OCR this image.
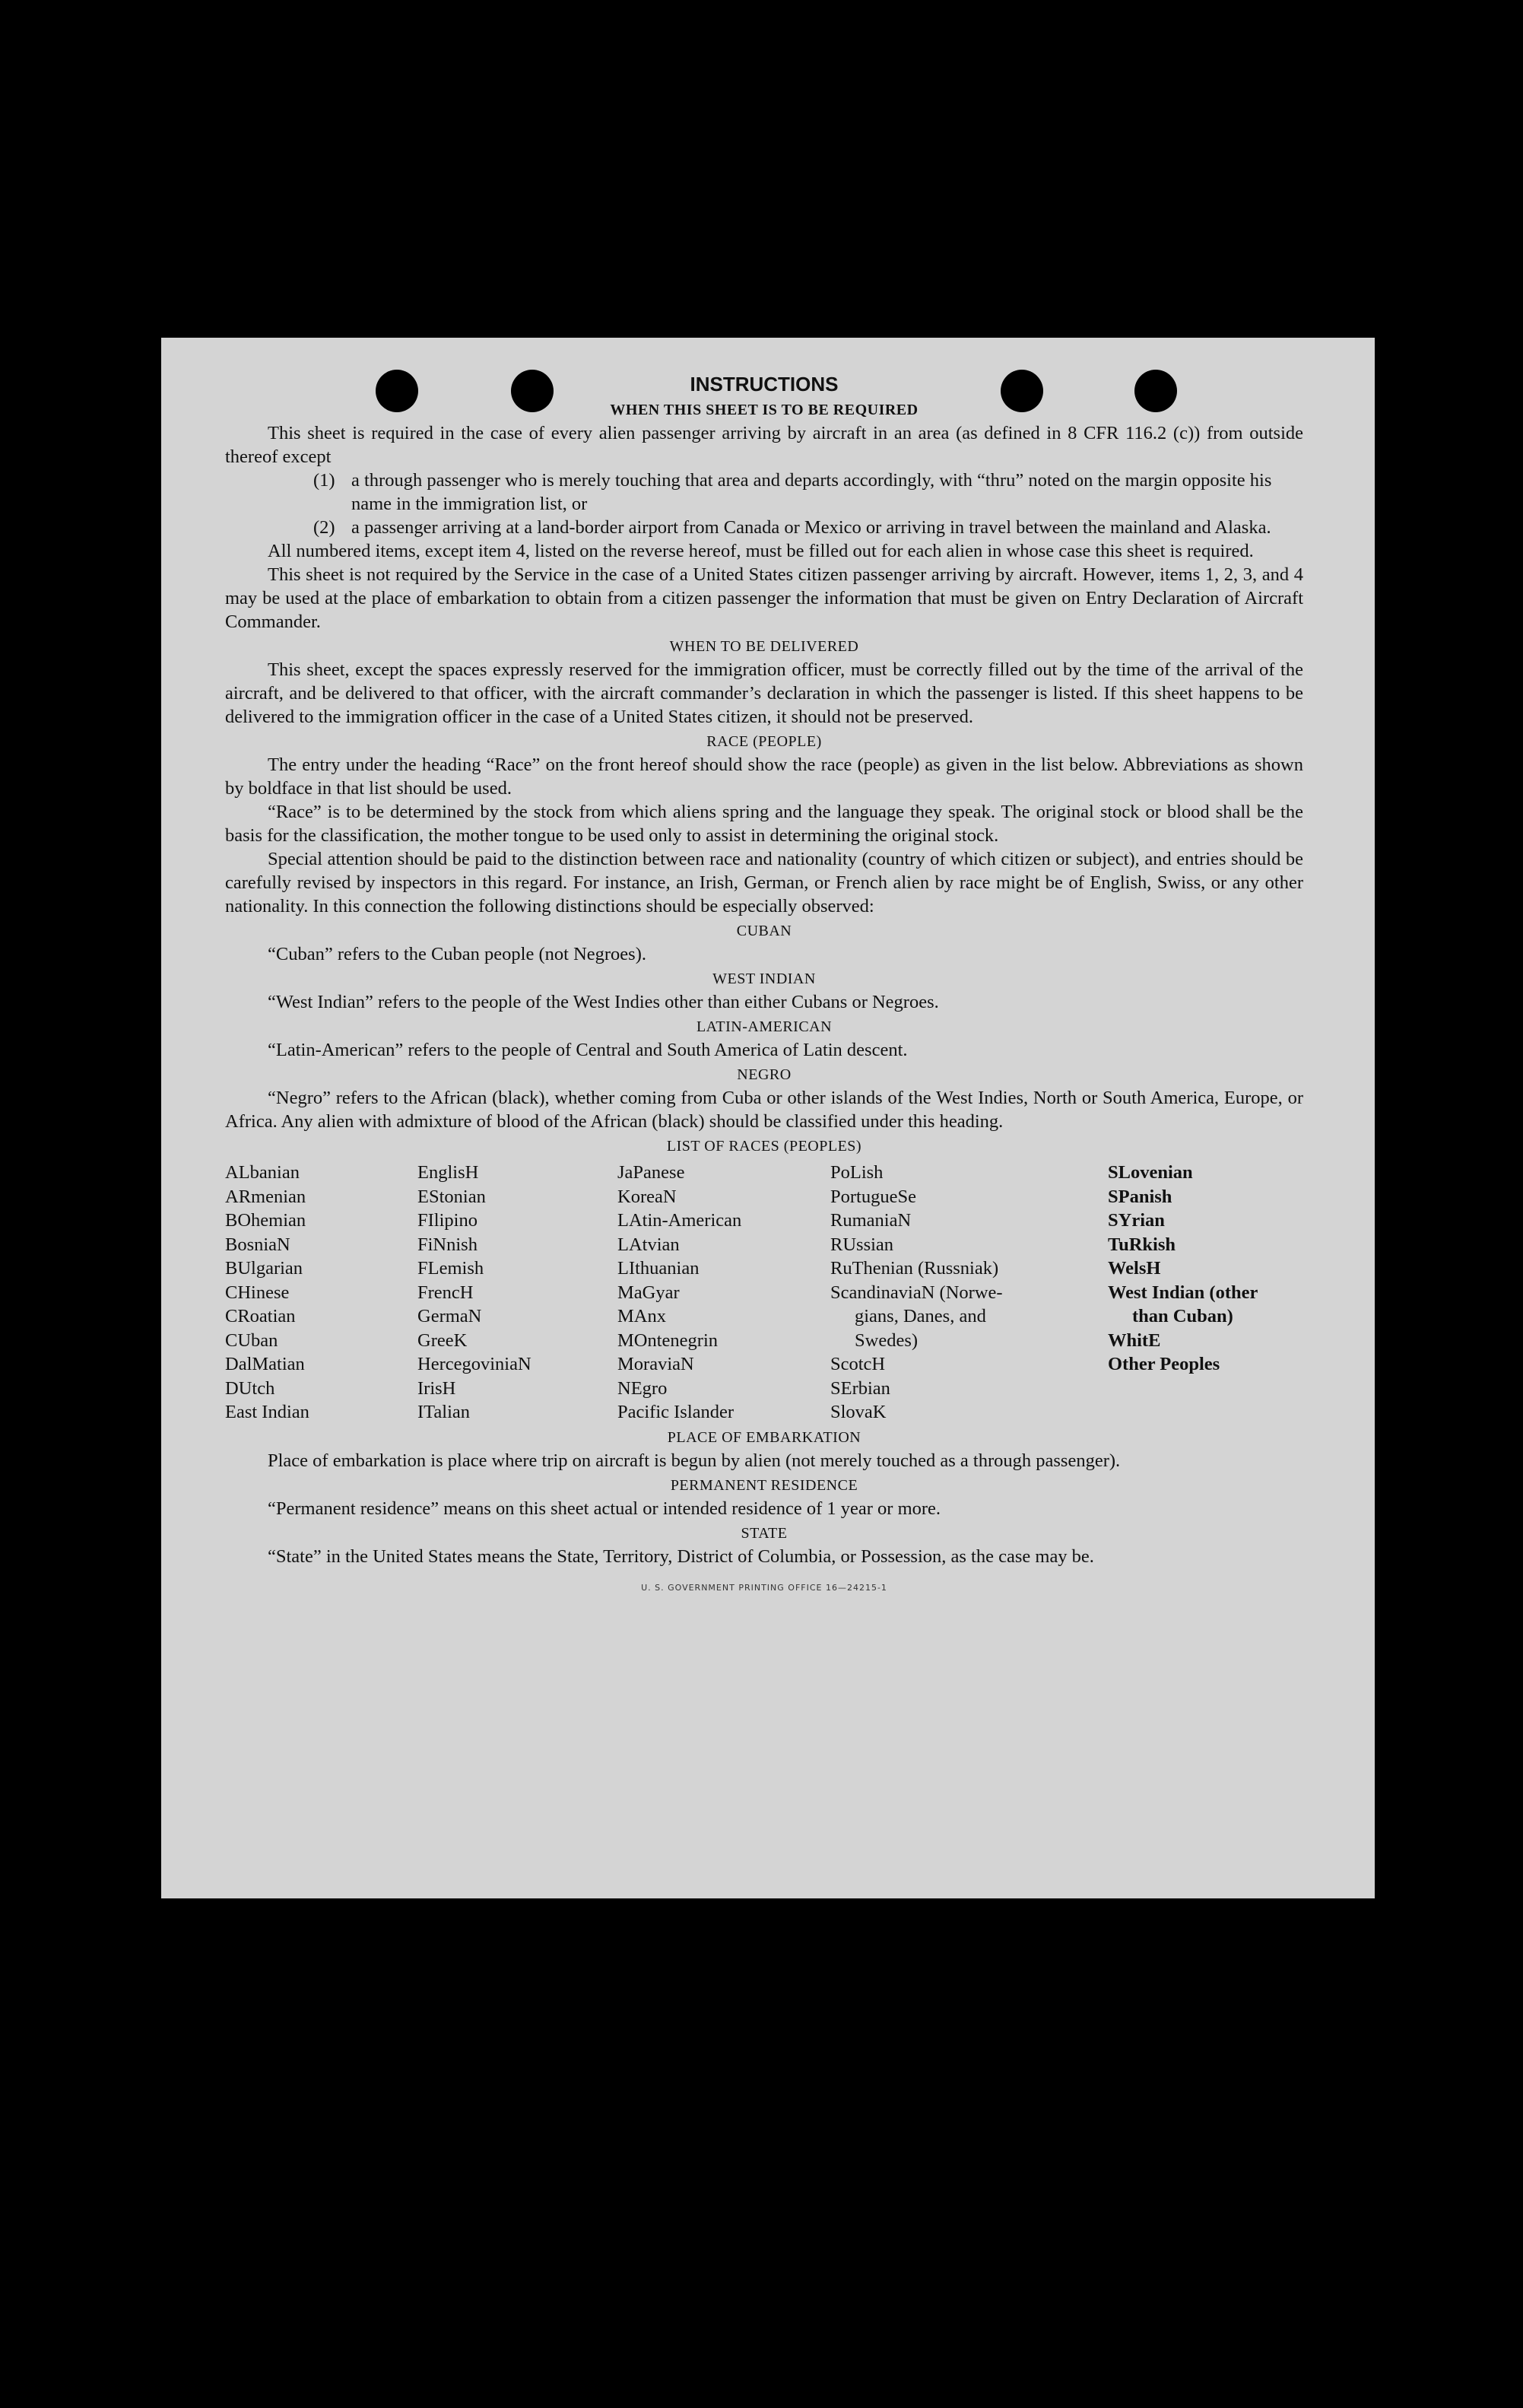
INSTRUCTIONS
WHEN THIS SHEET IS TO BE REQUIRED

This sheet is required in the case of every alien passenger arriving by aircraft in an area (as defined in 8 CFR 116.2 (c)) from outside thereof except

(1) a through passenger who is merely touching that area and departs accordingly, with “thru” noted on the margin opposite his name in the immigration list, or
(2) a passenger arriving at a land-border airport from Canada or Mexico or arriving in travel between the mainland and Alaska.

All numbered items, except item 4, listed on the reverse hereof, must be filled out for each alien in whose case this sheet is required.

This sheet is not required by the Service in the case of a United States citizen passenger arriving by aircraft. However, items 1, 2, 3, and 4 may be used at the place of embarkation to obtain from a citizen passenger the information that must be given on Entry Declaration of Aircraft Commander.

WHEN TO BE DELIVERED

This sheet, except the spaces expressly reserved for the immigration officer, must be correctly filled out by the time of the arrival of the aircraft, and be delivered to that officer, with the aircraft commander’s declaration in which the passenger is listed. If this sheet happens to be delivered to the immigration officer in the case of a United States citizen, it should not be preserved.

RACE (PEOPLE)

The entry under the heading “Race” on the front hereof should show the race (people) as given in the list below. Abbreviations as shown by boldface in that list should be used.

“Race” is to be determined by the stock from which aliens spring and the language they speak. The original stock or blood shall be the basis for the classification, the mother tongue to be used only to assist in determining the original stock.

Special attention should be paid to the distinction between race and nationality (country of which citizen or subject), and entries should be carefully revised by inspectors in this regard. For instance, an Irish, German, or French alien by race might be of English, Swiss, or any other nationality. In this connection the following distinctions should be especially observed:

CUBAN

“Cuban” refers to the Cuban people (not Negroes).

WEST INDIAN

“West Indian” refers to the people of the West Indies other than either Cubans or Negroes.

LATIN-AMERICAN

“Latin-American” refers to the people of Central and South America of Latin descent.

NEGRO

“Negro” refers to the African (black), whether coming from Cuba or other islands of the West Indies, North or South America, Europe, or Africa. Any alien with admixture of blood of the African (black) should be classified under this heading.

LIST OF RACES (PEOPLES)
ALbanian
ARmenian
BOhemian
BosniaN
BUlgarian
CHinese
CRoatian
CUban
DalMatian
DUtch
East Indian
EnglisH
EStonian
FIlipino
FiNnish
FLemish
FrencH
GermaN
GreeK
HercegoviniaN
IrisH
ITalian
JaPanese
KoreaN
LAtin-American
LAtvian
LIthuanian
MaGyar
MAnx
MOntenegrin
MoraviaN
NEgro
Pacific Islander
PoLish
PortugueSe
RumaniaN
RUssian
RuThenian (Russniak)
ScandinaviaN (Norwe-
gians, Danes, and
Swedes)
ScotcH
SErbian
SlovaK
SLovenian
SPanish
SYrian
TuRkish
WelsH
West Indian (other
than Cuban)
WhitE
Other Peoples
PLACE OF EMBARKATION

Place of embarkation is place where trip on aircraft is begun by alien (not merely touched as a through passenger).

PERMANENT RESIDENCE

“Permanent residence” means on this sheet actual or intended residence of 1 year or more.

STATE

“State” in the United States means the State, Territory, District of Columbia, or Possession, as the case may be.

U. S. GOVERNMENT PRINTING OFFICE 16—24215-1
